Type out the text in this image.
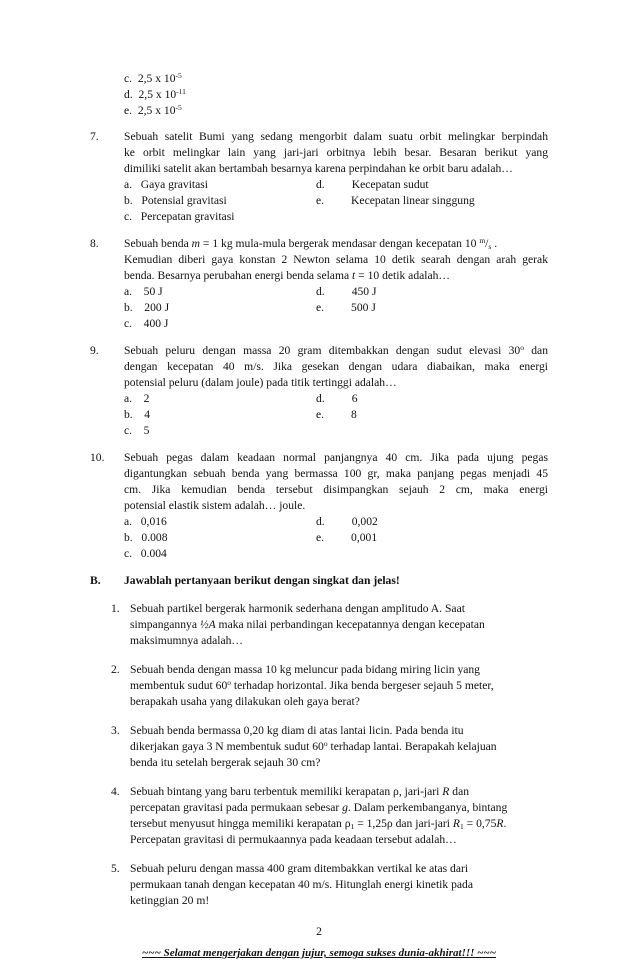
c. 2,5 x $10^{-5}$
d. 2,5 x $10^{-11}$
e. 2,5 x $10^{-5}$
7. Sebuah satelit Bumi yang sedang mengorbit dalam suatu orbit melingkar berpindah
ke orbit melingkar lain yang jari-jari orbitnya lebih besar. Besaran berikut yang
dimiliki satelit akan bertambah besarnya karena perpindahan ke orbit baru adalah…
a. Gaya gravitasi	d. Kecepatan sudut
b. Potensial gravitasi	e. Kecepatan linear singgung
c. Percepatan gravitasi
8. Sebuah benda m = 1 kg mula-mula bergerak mendasar dengan kecepatan 10 $^m/_s$ .
Kemudian diberi gaya konstan 2 Newton selama 10 detik searah dengan arah gerak
benda. Besarnya perubahan energi benda selama t = 10 detik adalah…
a. 50 J	d. 450 J
b. 200 J	e. 500 J
c. 400 J
9. Sebuah peluru dengan massa 20 gram ditembakkan dengan sudut elevasi 30$^o$ dan
dengan kecepatan 40 m/s. Jika gesekan dengan udara diabaikan, maka energi
potensial peluru (dalam joule) pada titik tertinggi adalah…
a. 2	d. 6
b. 4	e. 8
c. 5
10. Sebuah pegas dalam keadaan normal panjangnya 40 cm. Jika pada ujung pegas
digantungkan sebuah benda yang bermassa 100 gr, maka panjang pegas menjadi 45
cm. Jika kemudian benda tersebut disimpangkan sejauh 2 cm, maka energi
potensial elastik sistem adalah… joule.
a. 0,016	d. 0,002
b. 0.008	e. 0,001
c. 0.004
B. Jawablah pertanyaan berikut dengan singkat dan jelas!
1. Sebuah partikel bergerak harmonik sederhana dengan amplitudo A. Saat
simpangannya ½A maka nilai perbandingan kecepatannya dengan kecepatan
maksimumnya adalah…
2. Sebuah benda dengan massa 10 kg meluncur pada bidang miring licin yang
membentuk sudut 60$^o$ terhadap horizontal. Jika benda bergeser sejauh 5 meter,
berapakah usaha yang dilakukan oleh gaya berat?
3. Sebuah benda bermassa 0,20 kg diam di atas lantai licin. Pada benda itu
dikerjakan gaya 3 N membentuk sudut 60$^o$ terhadap lantai. Berapakah kelajuan
benda itu setelah bergerak sejauh 30 cm?
4. Sebuah bintang yang baru terbentuk memiliki kerapatan ρ, jari-jari R dan
percepatan gravitasi pada permukaan sebesar g. Dalam perkembanganya, bintang
tersebut menyusut hingga memiliki kerapatan $\rho_1 = 1,25\rho$ dan jari-jari $R_1 = 0,75R$.
Percepatan gravitasi di permukaannya pada keadaan tersebut adalah…
5. Sebuah peluru dengan massa 400 gram ditembakkan vertikal ke atas dari
permukaan tanah dengan kecepatan 40 m/s. Hitunglah energi kinetik pada
ketinggian 20 m!
2
~~~ Selamat mengerjakan dengan jujur, semoga sukses dunia-akhirat!!! ~~~
